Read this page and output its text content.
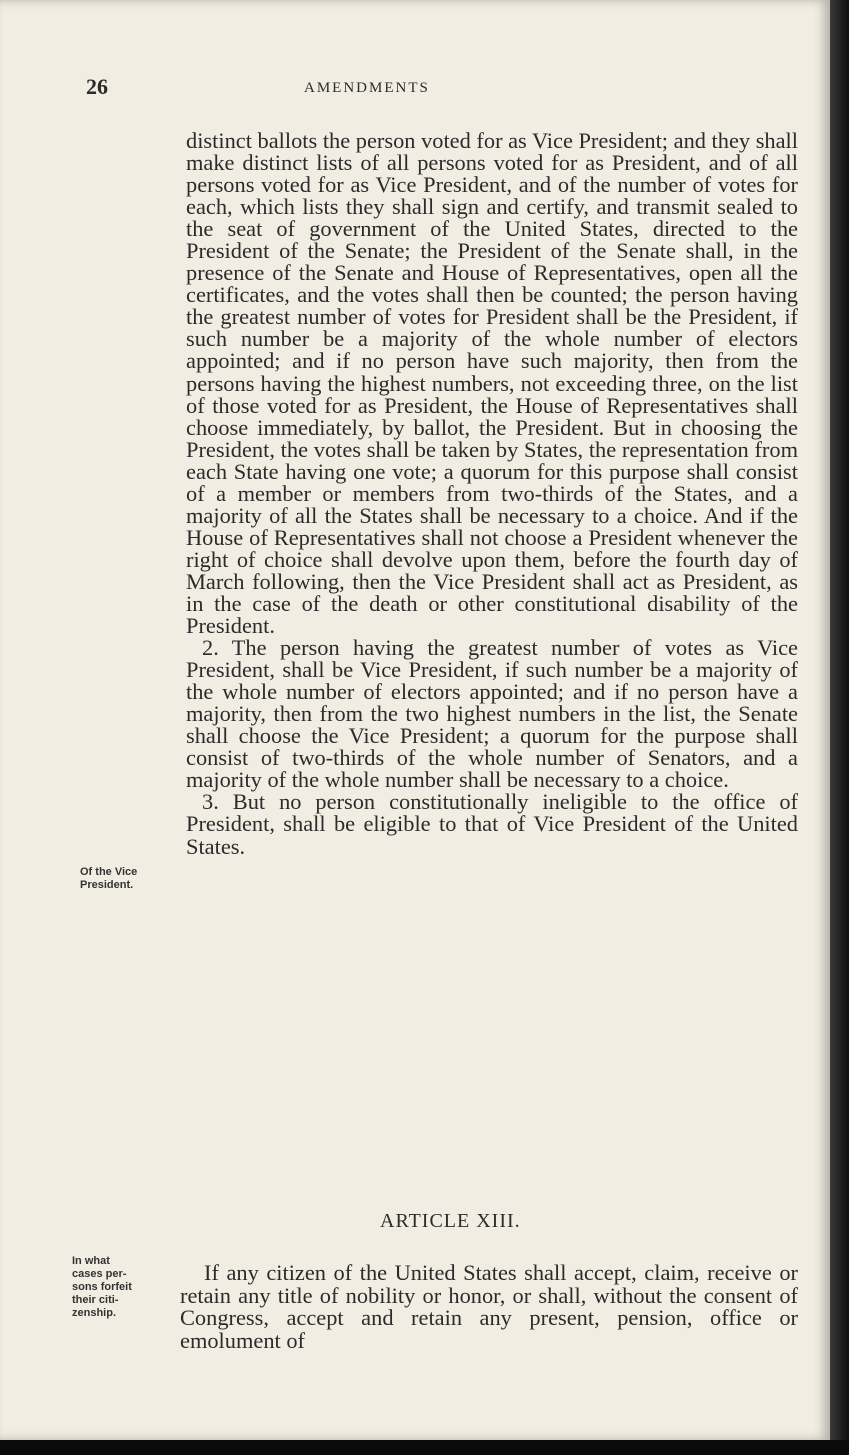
26	AMENDMENTS
Of the Vice
President.
In what
cases per-
sons forfeit
their citi-
zenship.

distinct ballots the person voted for as Vice President; and they shall make distinct lists of all persons voted for as President, and of all persons voted for as Vice President, and of the number of votes for each, which lists they shall sign and certify, and transmit sealed to the seat of government of the United States, directed to the President of the Senate; the President of the Senate shall, in the presence of the Senate and House of Representatives, open all the certificates, and the votes shall then be counted; the person having the greatest number of votes for President shall be the President, if such number be a majority of the whole number of electors appointed; and if no person have such majority, then from the persons having the highest numbers, not exceeding three, on the list of those voted for as President, the House of Representatives shall choose immediately, by ballot, the President. But in choosing the President, the votes shall be taken by States, the representation from each State having one vote; a quorum for this purpose shall consist of a member or members from two-thirds of the States, and a majority of all the States shall be necessary to a choice. And if the House of Representatives shall not choose a President whenever the right of choice shall devolve upon them, before the fourth day of March following, then the Vice President shall act as President, as in the case of the death or other constitutional disability of the President.

2. The person having the greatest number of votes as Vice President, shall be Vice President, if such number be a majority of the whole number of electors appointed; and if no person have a majority, then from the two highest numbers in the list, the Senate shall choose the Vice President; a quorum for the purpose shall consist of two-thirds of the whole number of Senators, and a majority of the whole number shall be necessary to a choice.

3. But no person constitutionally ineligible to the office of President, shall be eligible to that of Vice President of the United States.

ARTICLE XIII.

If any citizen of the United States shall accept, claim, receive or retain any title of nobility or honor, or shall, without the consent of Congress, accept and retain any present, pension, office or emolument of
